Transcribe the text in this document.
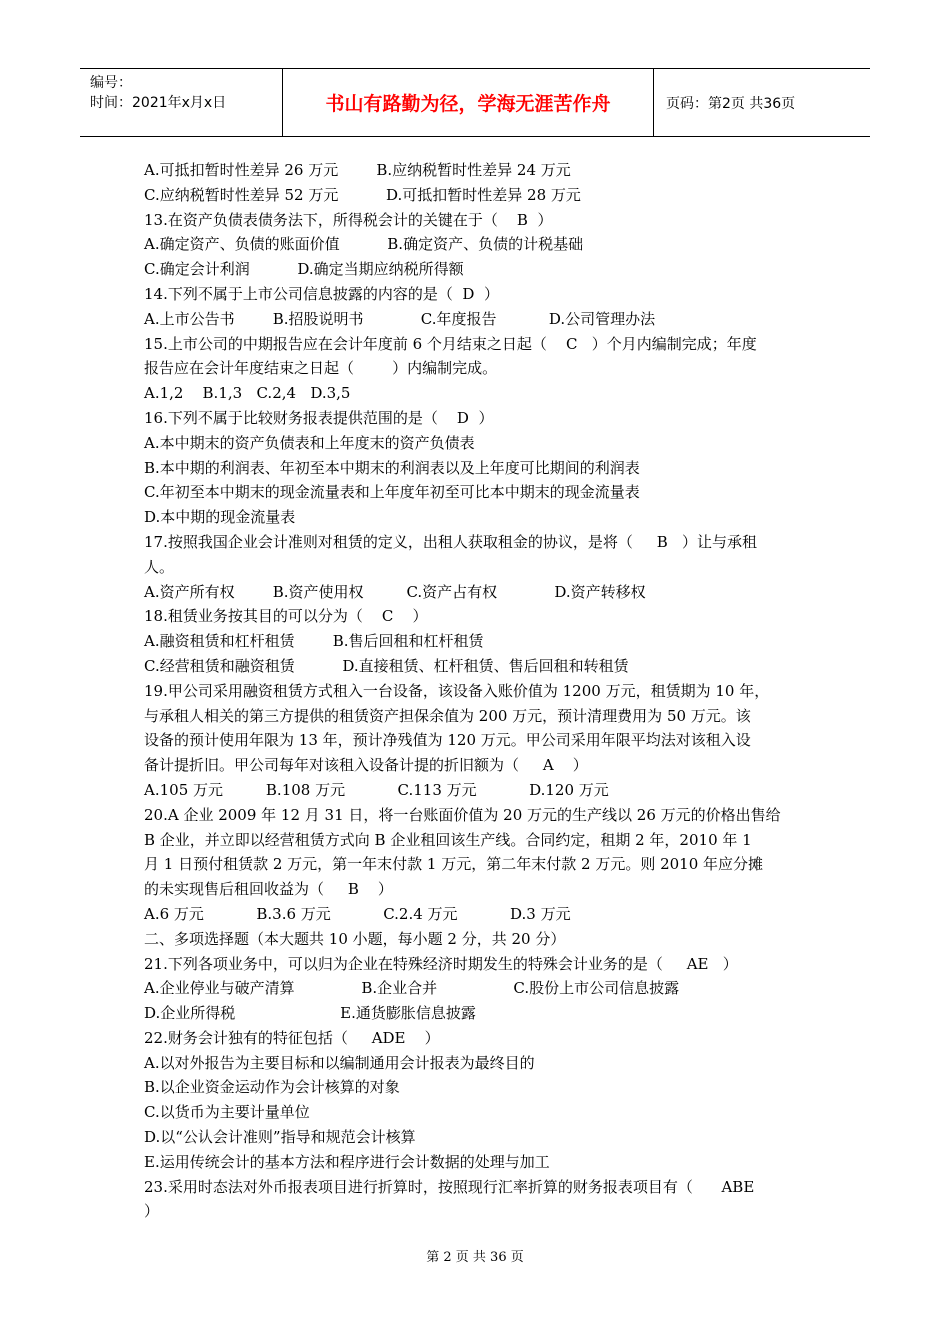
编号：
时间：2021年x月x日	书山有路勤为径，学海无涯苦作舟	页码：第2页 共36页
A.可抵扣暂时性差异 26 万元        B.应纳税暂时性差异 24 万元
C.应纳税暂时性差异 52 万元          D.可抵扣暂时性差异 28 万元
13.在资产负债表债务法下，所得税会计的关键在于（    B  ）
A.确定资产、负债的账面价值          B.确定资产、负债的计税基础
C.确定会计利润          D.确定当期应纳税所得额
14.下列不属于上市公司信息披露的内容的是（  D  ）
A.上市公告书        B.招股说明书            C.年度报告           D.公司管理办法
15.上市公司的中期报告应在会计年度前 6 个月结束之日起（    C   ）个月内编制完成；年度
报告应在会计年度结束之日起（        ）内编制完成。
A.1,2    B.1,3   C.2,4   D.3,5
16.下列不属于比较财务报表提供范围的是（    D  ）
A.本中期末的资产负债表和上年度末的资产负债表
B.本中期的利润表、年初至本中期末的利润表以及上年度可比期间的利润表
C.年初至本中期末的现金流量表和上年度年初至可比本中期末的现金流量表
D.本中期的现金流量表
17.按照我国企业会计准则对租赁的定义，出租人获取租金的协议，是将（     B   ）让与承租
人。
A.资产所有权        B.资产使用权         C.资产占有权            D.资产转移权
18.租赁业务按其目的可以分为（    C    ）
A.融资租赁和杠杆租赁        B.售后回租和杠杆租赁
C.经营租赁和融资租赁          D.直接租赁、杠杆租赁、售后回租和转租赁
19.甲公司采用融资租赁方式租入一台设备，该设备入账价值为 1200 万元，租赁期为 10 年，
与承租人相关的第三方提供的租赁资产担保余值为 200 万元，预计清理费用为 50 万元。该
设备的预计使用年限为 13 年，预计净残值为 120 万元。甲公司采用年限平均法对该租入设
备计提折旧。甲公司每年对该租入设备计提的折旧额为（     A    ）
A.105 万元         B.108 万元           C.113 万元           D.120 万元
20.A 企业 2009 年 12 月 31 日，将一台账面价值为 20 万元的生产线以 26 万元的价格出售给
B 企业，并立即以经营租赁方式向 B 企业租回该生产线。合同约定，租期 2 年，2010 年 1
月 1 日预付租赁款 2 万元，第一年末付款 1 万元，第二年末付款 2 万元。则 2010 年应分摊
的未实现售后租回收益为（     B    ）
A.6 万元           B.3.6 万元           C.2.4 万元           D.3 万元
二、多项选择题（本大题共 10 小题，每小题 2 分，共 20 分）
21.下列各项业务中，可以归为企业在特殊经济时期发生的特殊会计业务的是（     AE   ）
A.企业停业与破产清算              B.企业合并                C.股份上市公司信息披露
D.企业所得税                      E.通货膨胀信息披露
22.财务会计独有的特征包括（     ADE    ）
A.以对外报告为主要目标和以编制通用会计报表为最终目的
B.以企业资金运动作为会计核算的对象
C.以货币为主要计量单位
D.以“公认会计准则”指导和规范会计核算
E.运用传统会计的基本方法和程序进行会计数据的处理与加工
23.采用时态法对外币报表项目进行折算时，按照现行汇率折算的财务报表项目有（      ABE
）
第 2 页 共 36 页
